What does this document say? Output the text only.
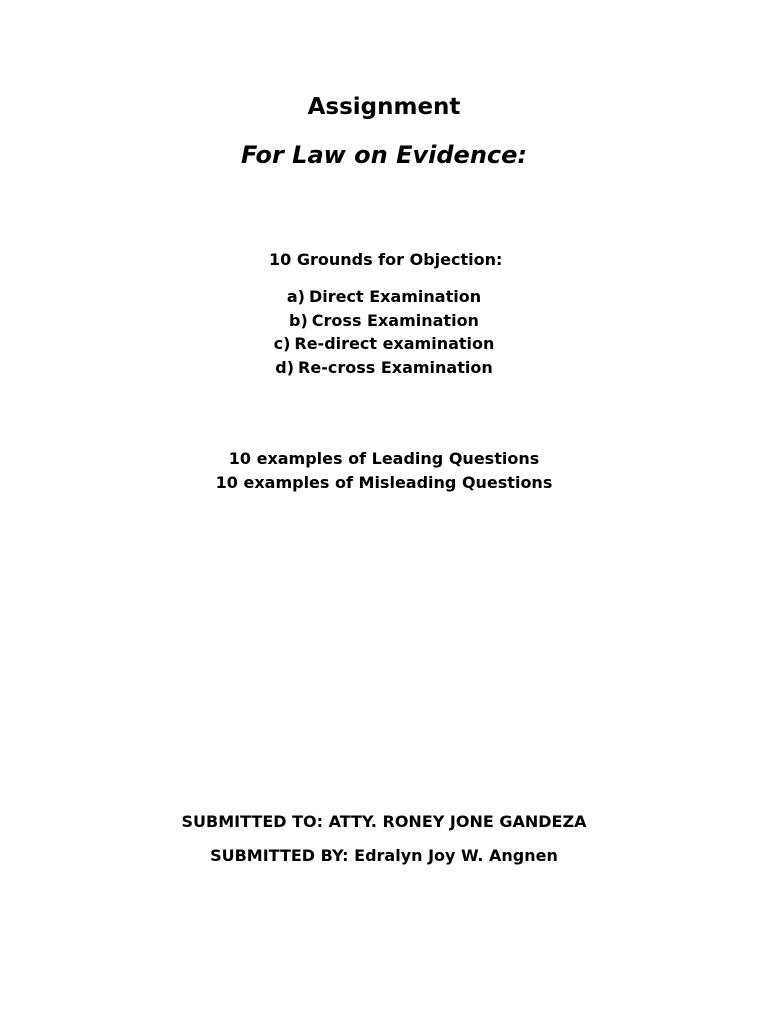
Assignment
For Law on Evidence:
10 Grounds for Objection:
a) Direct Examination
b) Cross Examination
c) Re-direct examination
d) Re-cross Examination
10 examples of Leading Questions
10 examples of Misleading Questions
SUBMITTED TO: ATTY. RONEY JONE GANDEZA
SUBMITTED BY: Edralyn Joy W. Angnen
